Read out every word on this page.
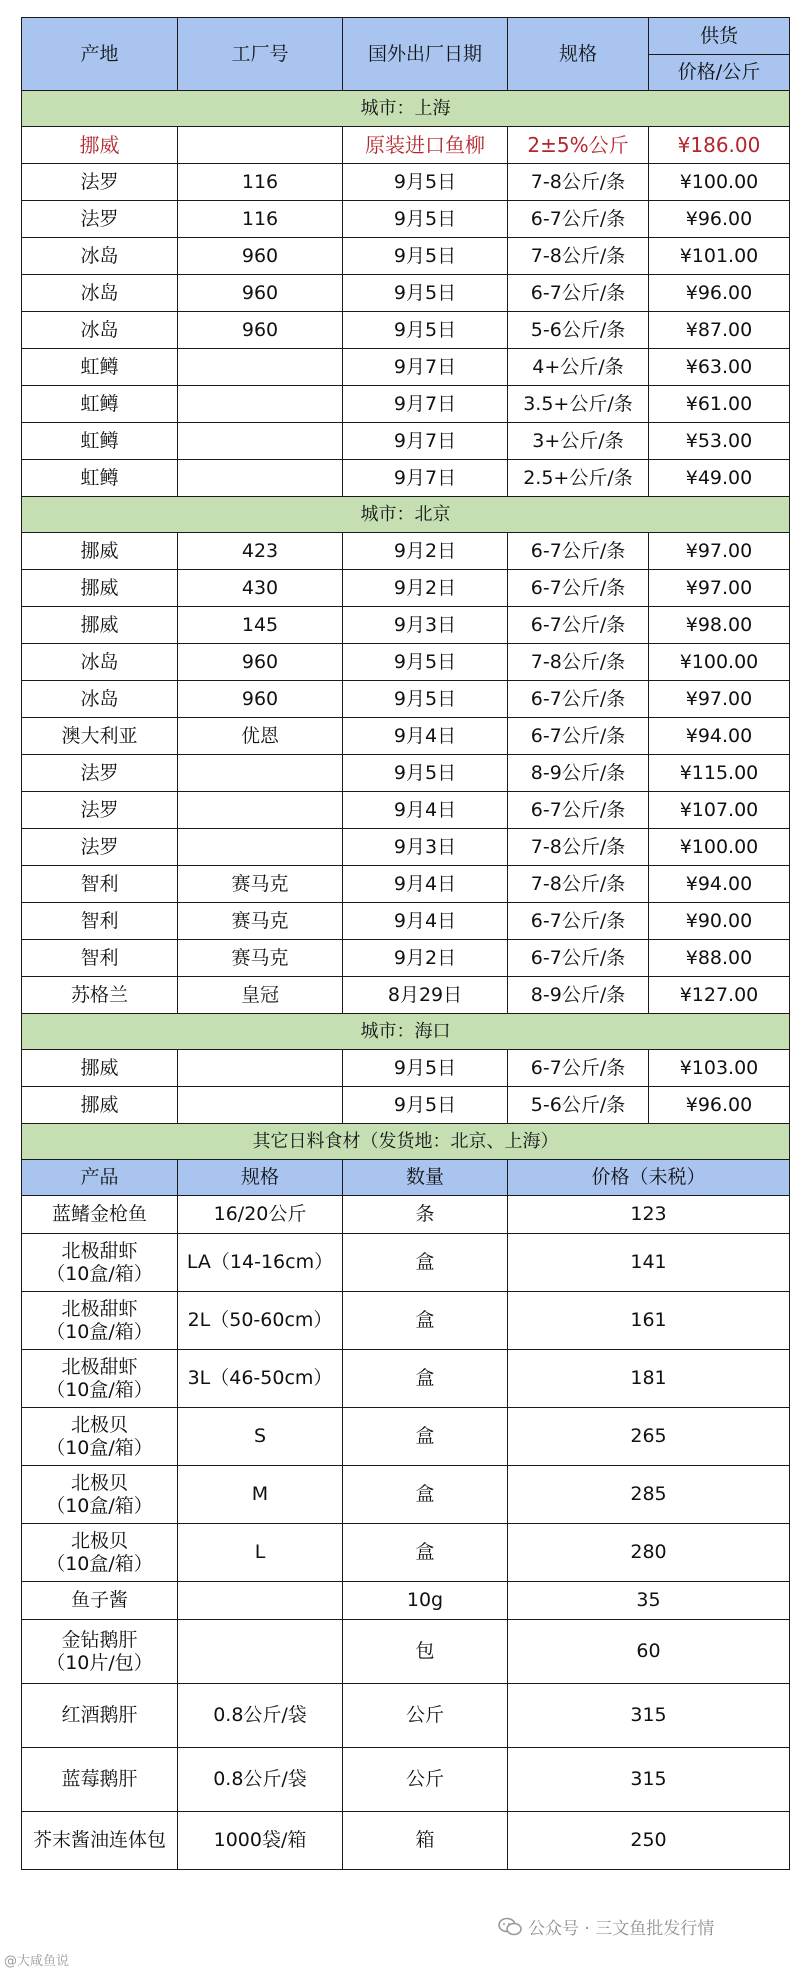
产地	工厂号	国外出厂日期	规格	供货
				价格/公斤
城市：上海				
挪威		原装进口鱼柳	2±5%公斤	¥186.00
法罗	116	9月5日	7-8公斤/条	¥100.00
法罗	116	9月5日	6-7公斤/条	¥96.00
冰岛	960	9月5日	7-8公斤/条	¥101.00
冰岛	960	9月5日	6-7公斤/条	¥96.00
冰岛	960	9月5日	5-6公斤/条	¥87.00
虹鳟		9月7日	4+公斤/条	¥63.00
虹鳟		9月7日	3.5+公斤/条	¥61.00
虹鳟		9月7日	3+公斤/条	¥53.00
虹鳟		9月7日	2.5+公斤/条	¥49.00
城市：北京				
挪威	423	9月2日	6-7公斤/条	¥97.00
挪威	430	9月2日	6-7公斤/条	¥97.00
挪威	145	9月3日	6-7公斤/条	¥98.00
冰岛	960	9月5日	7-8公斤/条	¥100.00
冰岛	960	9月5日	6-7公斤/条	¥97.00
澳大利亚	优恩	9月4日	6-7公斤/条	¥94.00
法罗		9月5日	8-9公斤/条	¥115.00
法罗		9月4日	6-7公斤/条	¥107.00
法罗		9月3日	7-8公斤/条	¥100.00
智利	赛马克	9月4日	7-8公斤/条	¥94.00
智利	赛马克	9月4日	6-7公斤/条	¥90.00
智利	赛马克	9月2日	6-7公斤/条	¥88.00
苏格兰	皇冠	8月29日	8-9公斤/条	¥127.00
城市：海口				
挪威		9月5日	6-7公斤/条	¥103.00
挪威		9月5日	5-6公斤/条	¥96.00
其它日料食材（发货地：北京、上海）				
产品	规格	数量	价格（未税）	
蓝鳍金枪鱼	16/20公斤	条	123	
北极甜虾
（10盒/箱）	LA（14-16cm）	盒	141	
北极甜虾
（10盒/箱）	2L（50-60cm）	盒	161	
北极甜虾
（10盒/箱）	3L（46-50cm）	盒	181	
北极贝
（10盒/箱）	S	盒	265	
北极贝
（10盒/箱）	M	盒	285	
北极贝
（10盒/箱）	L	盒	280	
鱼子酱		10g	35	
金钻鹅肝
（10片/包）		包	60	
红酒鹅肝	0.8公斤/袋	公斤	315	
蓝莓鹅肝	0.8公斤/袋	公斤	315	
芥末酱油连体包	1000袋/箱	箱	250	
公众号 · 三文鱼批发行情
@大咸鱼说
